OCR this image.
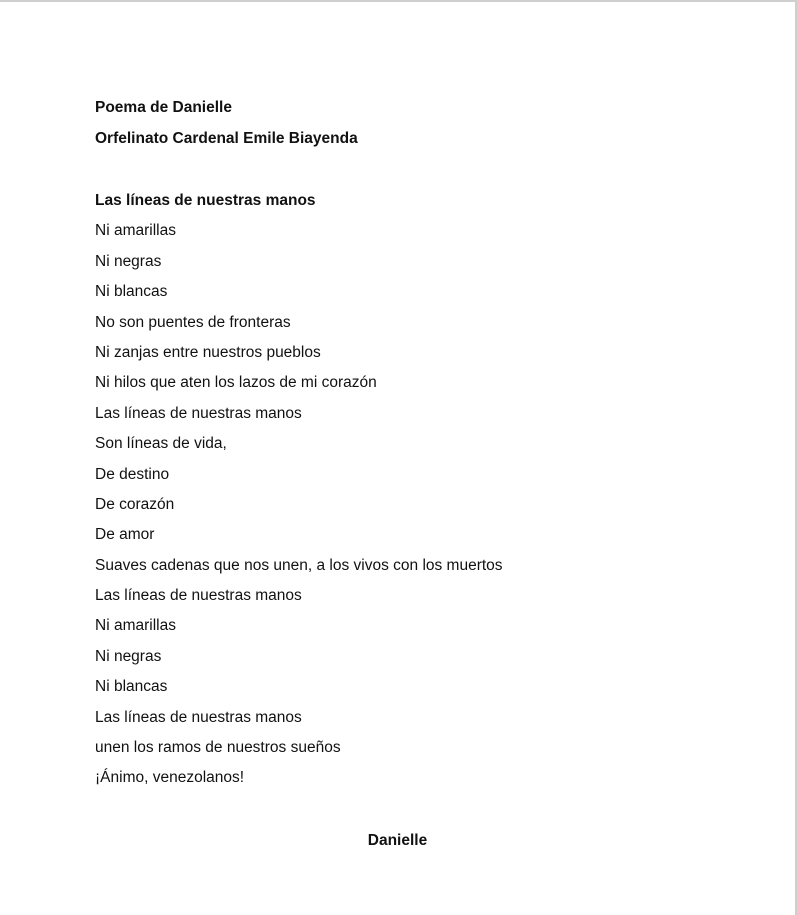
Poema de Danielle

Orfelinato Cardenal Emile Biayenda

Las líneas de nuestras manos

Ni amarillas
Ni negras
Ni blancas
No son puentes de fronteras
Ni zanjas entre nuestros pueblos
Ni hilos que aten los lazos de mi corazón
Las líneas de nuestras manos
Son líneas de vida,
De destino
De corazón
De amor
Suaves cadenas que nos unen, a los vivos con los muertos
Las líneas de nuestras manos
Ni amarillas
Ni negras
Ni blancas
Las líneas de nuestras manos
unen los ramos de nuestros sueños
¡Ánimo, venezolanos!

Danielle
